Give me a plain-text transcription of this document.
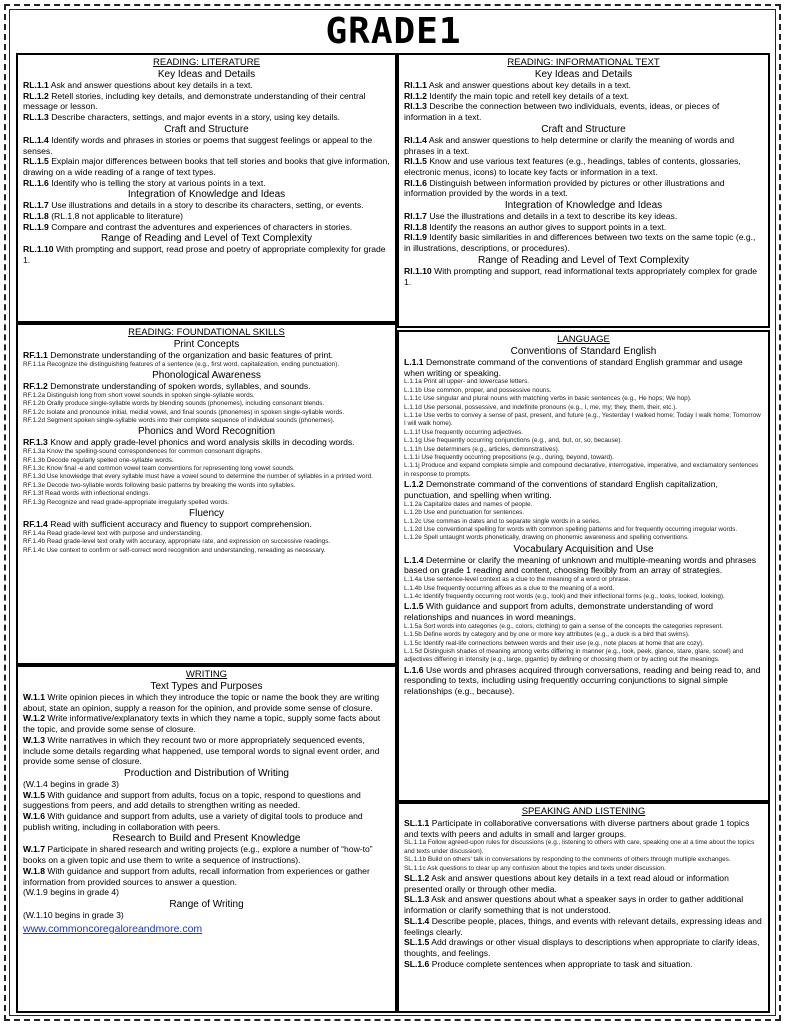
GRADE1
READING: LITERATURE
Key Ideas and Details
RL.1.1 Ask and answer questions about key details in a text.
RL.1.2 Retell stories, including key details, and demonstrate understanding of their central message or lesson.
RL.1.3 Describe characters, settings, and major events in a story, using key details.
Craft and Structure
RL.1.4 Identify words and phrases in stories or poems that suggest feelings or appeal to the senses.
RL.1.5 Explain major differences between books that tell stories and books that give information, drawing on a wide reading of a range of text types.
RL.1.6 Identify who is telling the story at various points in a text.
Integration of Knowledge and Ideas
RL.1.7 Use illustrations and details in a story to describe its characters, setting, or events.
RL.1.8 (RL.1.8 not applicable to literature)
RL.1.9 Compare and contrast the adventures and experiences of characters in stories.
Range of Reading and Level of Text Complexity
RL.1.10 With prompting and support, read prose and poetry of appropriate complexity for grade 1.
READING: INFORMATIONAL TEXT
Key Ideas and Details
RI.1.1 Ask and answer questions about key details in a text.
RI.1.2 Identify the main topic and retell key details of a text.
RI.1.3 Describe the connection between two individuals, events, ideas, or pieces of information in a text.
Craft and Structure
RI.1.4 Ask and answer questions to help determine or clarify the meaning of words and phrases in a text.
RI.1.5 Know and use various text features (e.g., headings, tables of contents, glossaries, electronic menus, icons) to locate key facts or information in a text.
RI.1.6 Distinguish between information provided by pictures or other illustrations and information provided by the words in a text.
Integration of Knowledge and Ideas
RI.1.7 Use the illustrations and details in a text to describe its key ideas.
RI.1.8 Identify the reasons an author gives to support points in a text.
RI.1.9 Identify basic similarities in and differences between two texts on the same topic (e.g., in illustrations, descriptions, or procedures).
Range of Reading and Level of Text Complexity
RI.1.10 With prompting and support, read informational texts appropriately complex for grade 1.
READING: FOUNDATIONAL SKILLS
Print Concepts
RF.1.1 Demonstrate understanding of the organization and basic features of print.
RF.1.1a Recognize the distinguishing features of a sentence (e.g., first word, capitalization, ending punctuation).
Phonological Awareness
RF.1.2 Demonstrate understanding of spoken words, syllables, and sounds.
RF.1.2a Distinguish long from short vowel sounds in spoken single-syllable words.
RF.1.2b Orally produce single-syllable words by blending sounds (phonemes), including consonant blends.
RF.1.2c Isolate and pronounce initial, medial vowel, and final sounds (phonemes) in spoken single-syllable words.
RF.1.2d Segment spoken single-syllable words into their complete sequence of individual sounds (phonemes).
Phonics and Word Recognition
RF.1.3 Know and apply grade-level phonics and word analysis skills in decoding words.
RF.1.3a Know the spelling-sound correspondences for common consonant digraphs.
RF.1.3b Decode regularly spelled one-syllable words.
RF.1.3c Know final -e and common vowel team conventions for representing long vowel sounds.
RF.1.3d Use knowledge that every syllable must have a vowel sound to determine the number of syllables in a printed word.
RF.1.3e Decode two-syllable words following basic patterns by breaking the words into syllables.
RF.1.3f Read words with inflectional endings.
RF.1.3g Recognize and read grade-appropriate irregularly spelled words.
Fluency
RF.1.4 Read with sufficient accuracy and fluency to support comprehension.
RF.1.4a Read grade-level text with purpose and understanding.
RF.1.4b Read grade-level text orally with accuracy, appropriate rate, and expression on successive readings.
RF.1.4c Use context to confirm or self-correct word recognition and understanding, rereading as necessary.
LANGUAGE
Conventions of Standard English
L.1.1 Demonstrate command of the conventions of standard English grammar and usage when writing or speaking.
L.1.1a Print all upper- and lowercase letters.
L.1.1b Use common, proper, and possessive nouns.
L.1.1c Use singular and plural nouns with matching verbs in basic sentences (e.g., He hops; We hop).
L.1.1d Use personal, possessive, and indefinite pronouns (e.g., I, me, my; they, them, their, etc.).
L.1.1e Use verbs to convey a sense of past, present, and future (e.g., Yesterday I walked home; Today I walk home; Tomorrow I will walk home).
L.1.1f Use frequently occurring adjectives.
L.1.1g Use frequently occurring conjunctions (e.g., and, but, or, so, because).
L.1.1h Use determiners (e.g., articles, demonstratives).
L.1.1i Use frequently occurring prepositions (e.g., during, beyond, toward).
L.1.1j Produce and expand complete simple and compound declarative, interrogative, imperative, and exclamatory sentences in response to prompts.
L.1.2 Demonstrate command of the conventions of standard English capitalization, punctuation, and spelling when writing.
L.1.2a Capitalize dates and names of people.
L.1.2b Use end punctuation for sentences.
L.1.2c Use commas in dates and to separate single words in a series.
L.1.2d Use conventional spelling for words with common spelling patterns and for frequently occurring irregular words.
L.1.2e Spell untaught words phonetically, drawing on phonemic awareness and spelling conventions.
Vocabulary Acquisition and Use
L.1.4 Determine or clarify the meaning of unknown and multiple-meaning words and phrases based on grade 1 reading and content, choosing flexibly from an array of strategies.
L.1.4a Use sentence-level context as a clue to the meaning of a word or phrase.
L.1.4b Use frequently occurring affixes as a clue to the meaning of a word.
L.1.4c Identify frequently occurring root words (e.g., look) and their inflectional forms (e.g., looks, looked, looking).
L.1.5 With guidance and support from adults, demonstrate understanding of word relationships and nuances in word meanings.
L.1.5a Sort words into categories (e.g., colors, clothing) to gain a sense of the concepts the categories represent.
L.1.5b Define words by category and by one or more key attributes (e.g., a duck is a bird that swims).
L.1.5c Identify real-life connections between words and their use (e.g., note places at home that are cozy).
L.1.5d Distinguish shades of meaning among verbs differing in manner (e.g., look, peek, glance, stare, glare, scowl) and adjectives differing in intensity (e.g., large, gigantic) by defining or choosing them or by acting out the meanings.
L.1.6 Use words and phrases acquired through conversations, reading and being read to, and responding to texts, including using frequently occurring conjunctions to signal simple relationships (e.g., because).
WRITING
Text Types and Purposes
W.1.1 Write opinion pieces in which they introduce the topic or name the book they are writing about, state an opinion, supply a reason for the opinion, and provide some sense of closure.
W.1.2 Write informative/explanatory texts in which they name a topic, supply some facts about the topic, and provide some sense of closure.
W.1.3 Write narratives in which they recount two or more appropriately sequenced events, include some details regarding what happened, use temporal words to signal event order, and provide some sense of closure.
Production and Distribution of Writing
(W.1.4 begins in grade 3)
W.1.5 With guidance and support from adults, focus on a topic, respond to questions and suggestions from peers, and add details to strengthen writing as needed.
W.1.6 With guidance and support from adults, use a variety of digital tools to produce and publish writing, including in collaboration with peers.
Research to Build and Present Knowledge
W.1.7 Participate in shared research and writing projects (e.g., explore a number of “how-to” books on a given topic and use them to write a sequence of instructions).
W.1.8 With guidance and support from adults, recall information from experiences or gather information from provided sources to answer a question.
(W.1.9 begins in grade 4)
Range of Writing
(W.1.10 begins in grade 3)
www.commoncoregaloreandmore.com
SPEAKING AND LISTENING
SL.1.1 Participate in collaborative conversations with diverse partners about grade 1 topics and texts with peers and adults in small and larger groups.
SL.1.1a Follow agreed-upon rules for discussions (e.g., listening to others with care, speaking one at a time about the topics and texts under discussion).
SL.1.1b Build on others' talk in conversations by responding to the comments of others through multiple exchanges.
SL.1.1c Ask questions to clear up any confusion about the topics and texts under discussion.
SL.1.2 Ask and answer questions about key details in a text read aloud or information presented orally or through other media.
SL.1.3 Ask and answer questions about what a speaker says in order to gather additional information or clarify something that is not understood.
SL.1.4 Describe people, places, things, and events with relevant details, expressing ideas and feelings clearly.
SL.1.5 Add drawings or other visual displays to descriptions when appropriate to clarify ideas, thoughts, and feelings.
SL.1.6 Produce complete sentences when appropriate to task and situation.
